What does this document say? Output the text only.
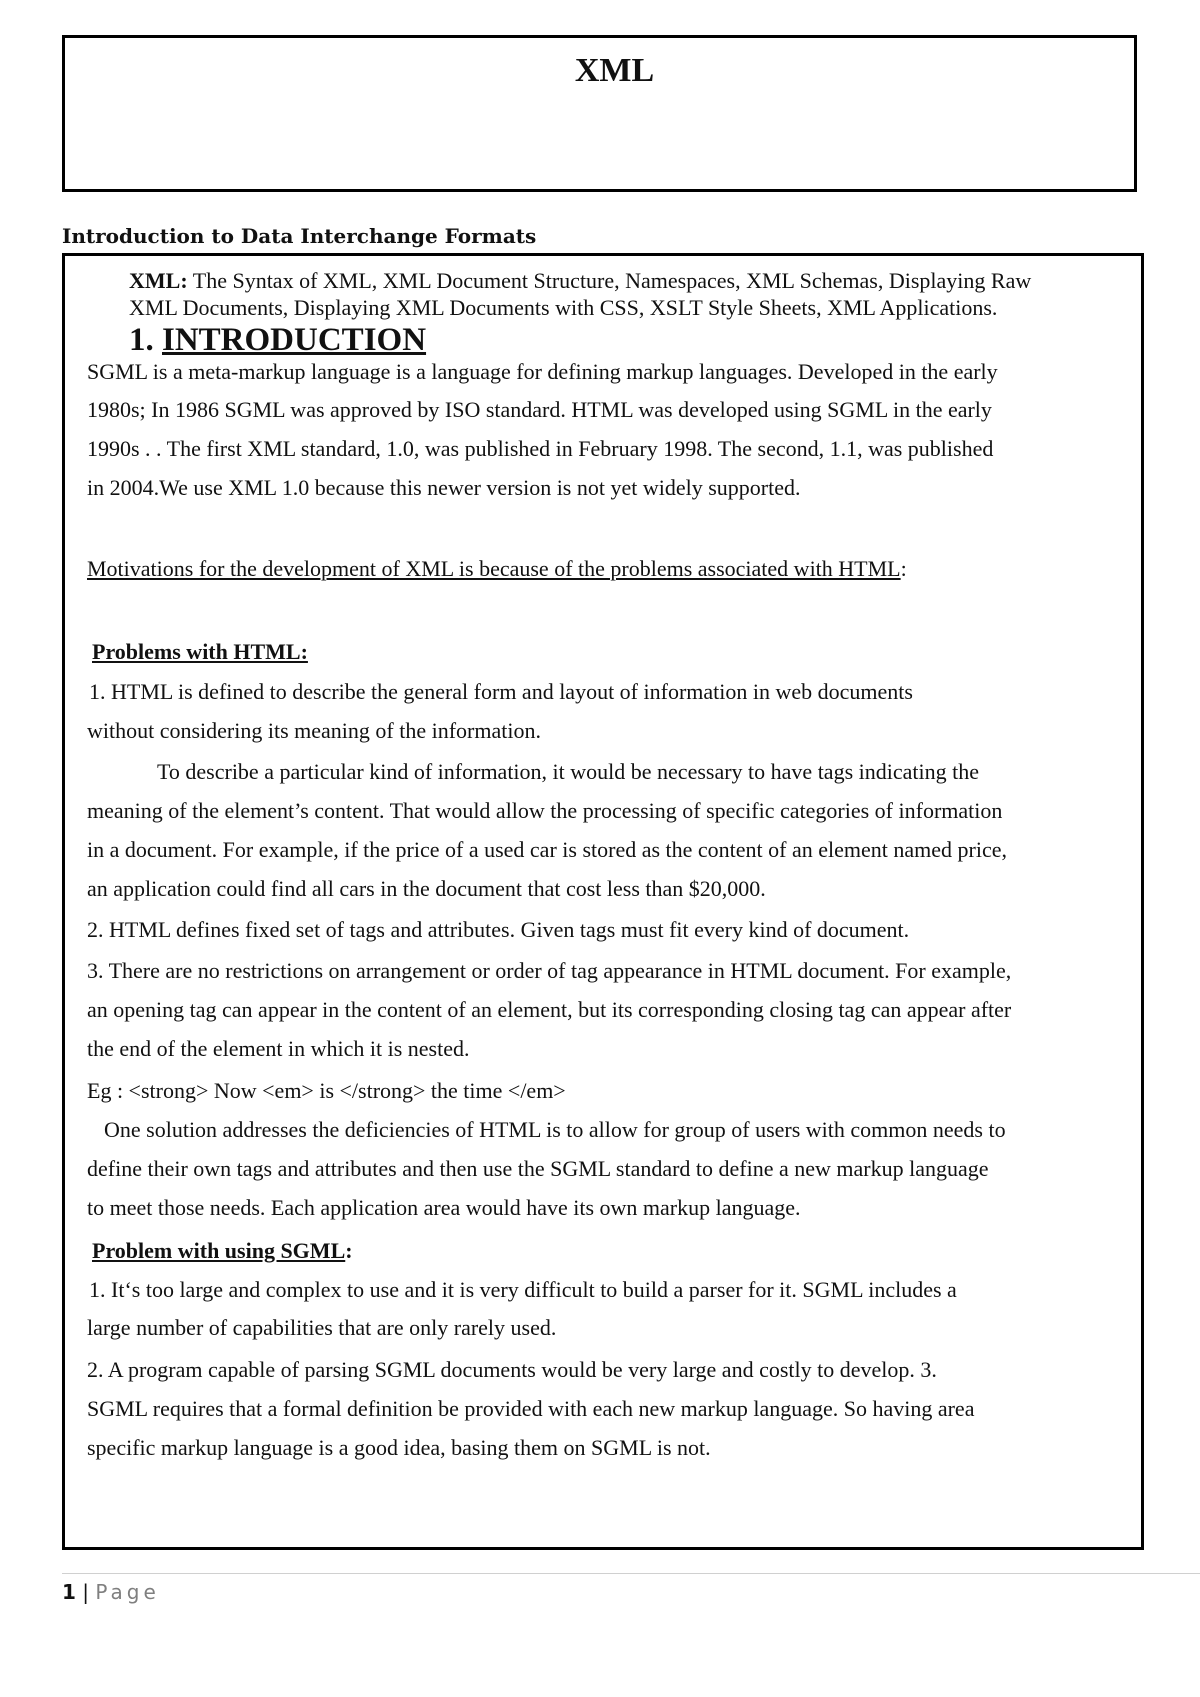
XML
Introduction to Data Interchange Formats
XML: The Syntax of XML, XML Document Structure, Namespaces, XML Schemas, Displaying Raw
XML Documents, Displaying XML Documents with CSS, XSLT Style Sheets, XML Applications.
1. INTRODUCTION
SGML is a meta-markup language is a language for defining markup languages. Developed in the early
1980s; In 1986 SGML was approved by ISO standard. HTML was developed using SGML in the early
1990s . . The first XML standard, 1.0, was published in February 1998. The second, 1.1, was published
in 2004.We use XML 1.0 because this newer version is not yet widely supported.
Motivations for the development of XML is because of the problems associated with HTML:
Problems with HTML:
1. HTML is defined to describe the general form and layout of information in web documents
without considering its meaning of the information.
To describe a particular kind of information, it would be necessary to have tags indicating the
meaning of the element’s content. That would allow the processing of specific categories of information
in a document. For example, if the price of a used car is stored as the content of an element named price,
an application could find all cars in the document that cost less than $20,000.
2. HTML defines fixed set of tags and attributes. Given tags must fit every kind of document.
3. There are no restrictions on arrangement or order of tag appearance in HTML document. For example,
an opening tag can appear in the content of an element, but its corresponding closing tag can appear after
the end of the element in which it is nested.
Eg : <strong> Now <em> is </strong> the time </em>
One solution addresses the deficiencies of HTML is to allow for group of users with common needs to
define their own tags and attributes and then use the SGML standard to define a new markup language
to meet those needs. Each application area would have its own markup language.
Problem with using SGML:
1. It‘s too large and complex to use and it is very difficult to build a parser for it. SGML includes a
large number of capabilities that are only rarely used.
2. A program capable of parsing SGML documents would be very large and costly to develop. 3.
SGML requires that a formal definition be provided with each new markup language. So having area
specific markup language is a good idea, basing them on SGML is not.
1 | Page
